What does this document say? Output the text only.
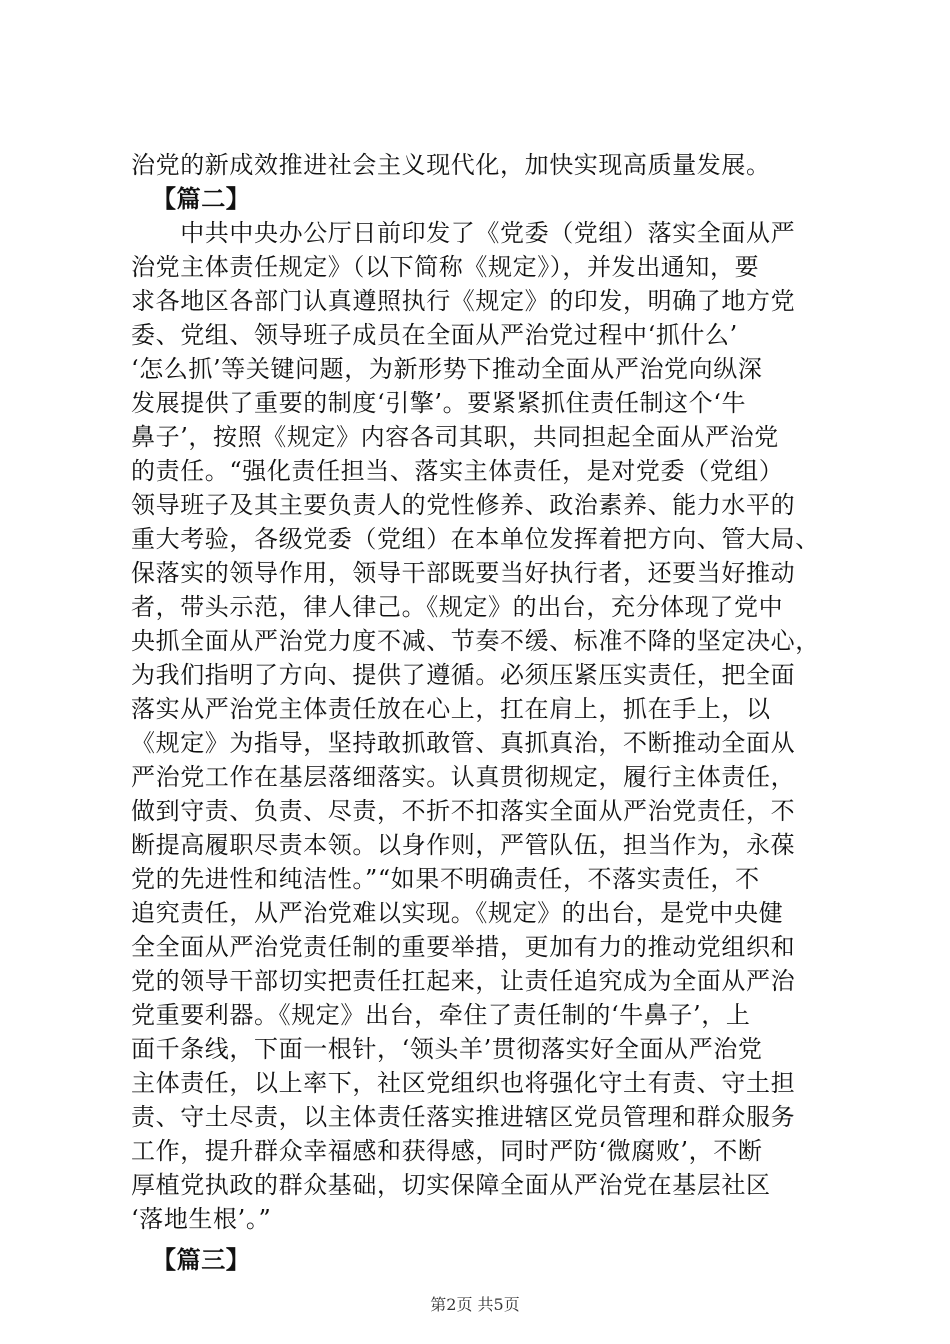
治党的新成效推进社会主义现代化，加快实现高质量发展。
【篇二】
　　中共中央办公厅日前印发了《党委（党组）落实全面从严
治党主体责任规定》（以下简称《规定》），并发出通知，要
求各地区各部门认真遵照执行《规定》的印发，明确了地方党
委、党组、领导班子成员在全面从严治党过程中‘抓什么’
‘怎么抓’等关键问题，为新形势下推动全面从严治党向纵深
发展提供了重要的制度‘引擎’。要紧紧抓住责任制这个‘牛
鼻子’，按照《规定》内容各司其职，共同担起全面从严治党
的责任。“强化责任担当、落实主体责任，是对党委（党组）
领导班子及其主要负责人的党性修养、政治素养、能力水平的
重大考验，各级党委（党组）在本单位发挥着把方向、管大局、
保落实的领导作用，领导干部既要当好执行者，还要当好推动
者，带头示范，律人律己。《规定》的出台，充分体现了党中
央抓全面从严治党力度不减、节奏不缓、标准不降的坚定决心，
为我们指明了方向、提供了遵循。必须压紧压实责任，把全面
落实从严治党主体责任放在心上，扛在肩上，抓在手上，以
《规定》为指导，坚持敢抓敢管、真抓真治，不断推动全面从
严治党工作在基层落细落实。认真贯彻规定，履行主体责任，
做到守责、负责、尽责，不折不扣落实全面从严治党责任，不
断提高履职尽责本领。以身作则，严管队伍，担当作为，永葆
党的先进性和纯洁性。”“如果不明确责任，不落实责任，不
追究责任，从严治党难以实现。《规定》的出台，是党中央健
全全面从严治党责任制的重要举措，更加有力的推动党组织和
党的领导干部切实把责任扛起来，让责任追究成为全面从严治
党重要利器。《规定》出台，牵住了责任制的‘牛鼻子’，上
面千条线，下面一根针，‘领头羊’贯彻落实好全面从严治党
主体责任，以上率下，社区党组织也将强化守土有责、守土担
责、守土尽责，以主体责任落实推进辖区党员管理和群众服务
工作，提升群众幸福感和获得感，同时严防‘微腐败’，不断
厚植党执政的群众基础，切实保障全面从严治党在基层社区
‘落地生根’。”
【篇三】
第2页 共5页
